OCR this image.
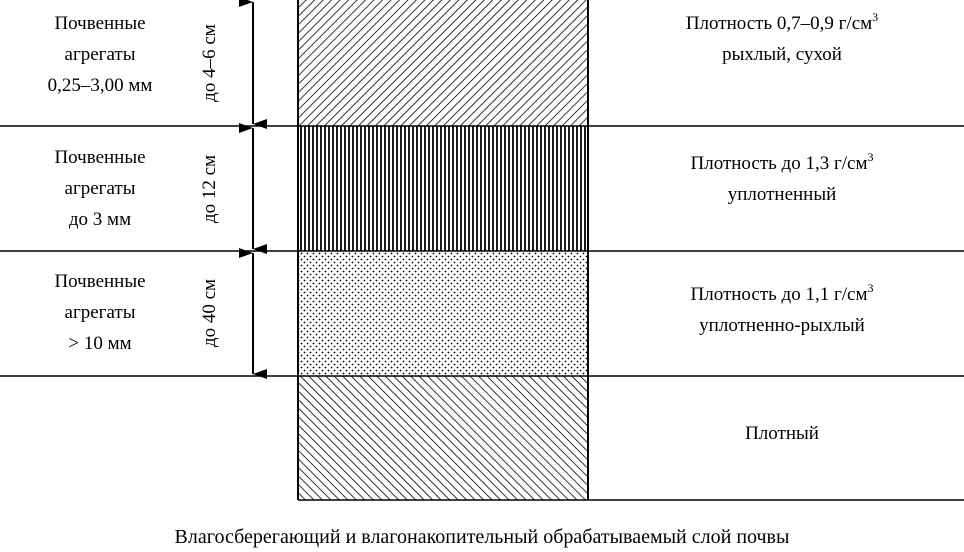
Почвенные
агрегаты
0,25–3,00 мм	до 4–6 см
Плотность 0,7–0,9 $г/см^3$
рыхлый, сухой
Почвенные
агрегаты
до 3 мм	до 12 см	Плотность до 1,3 $г/см^3$
уплотненный
Почвенные
агрегаты
> 10 мм	до 40 см	Плотность до 1,1 $г/см^3$
уплотненно-рыхлый
Плотный
Влагосберегающий и влагонакопительный обрабатываемый слой почвы
